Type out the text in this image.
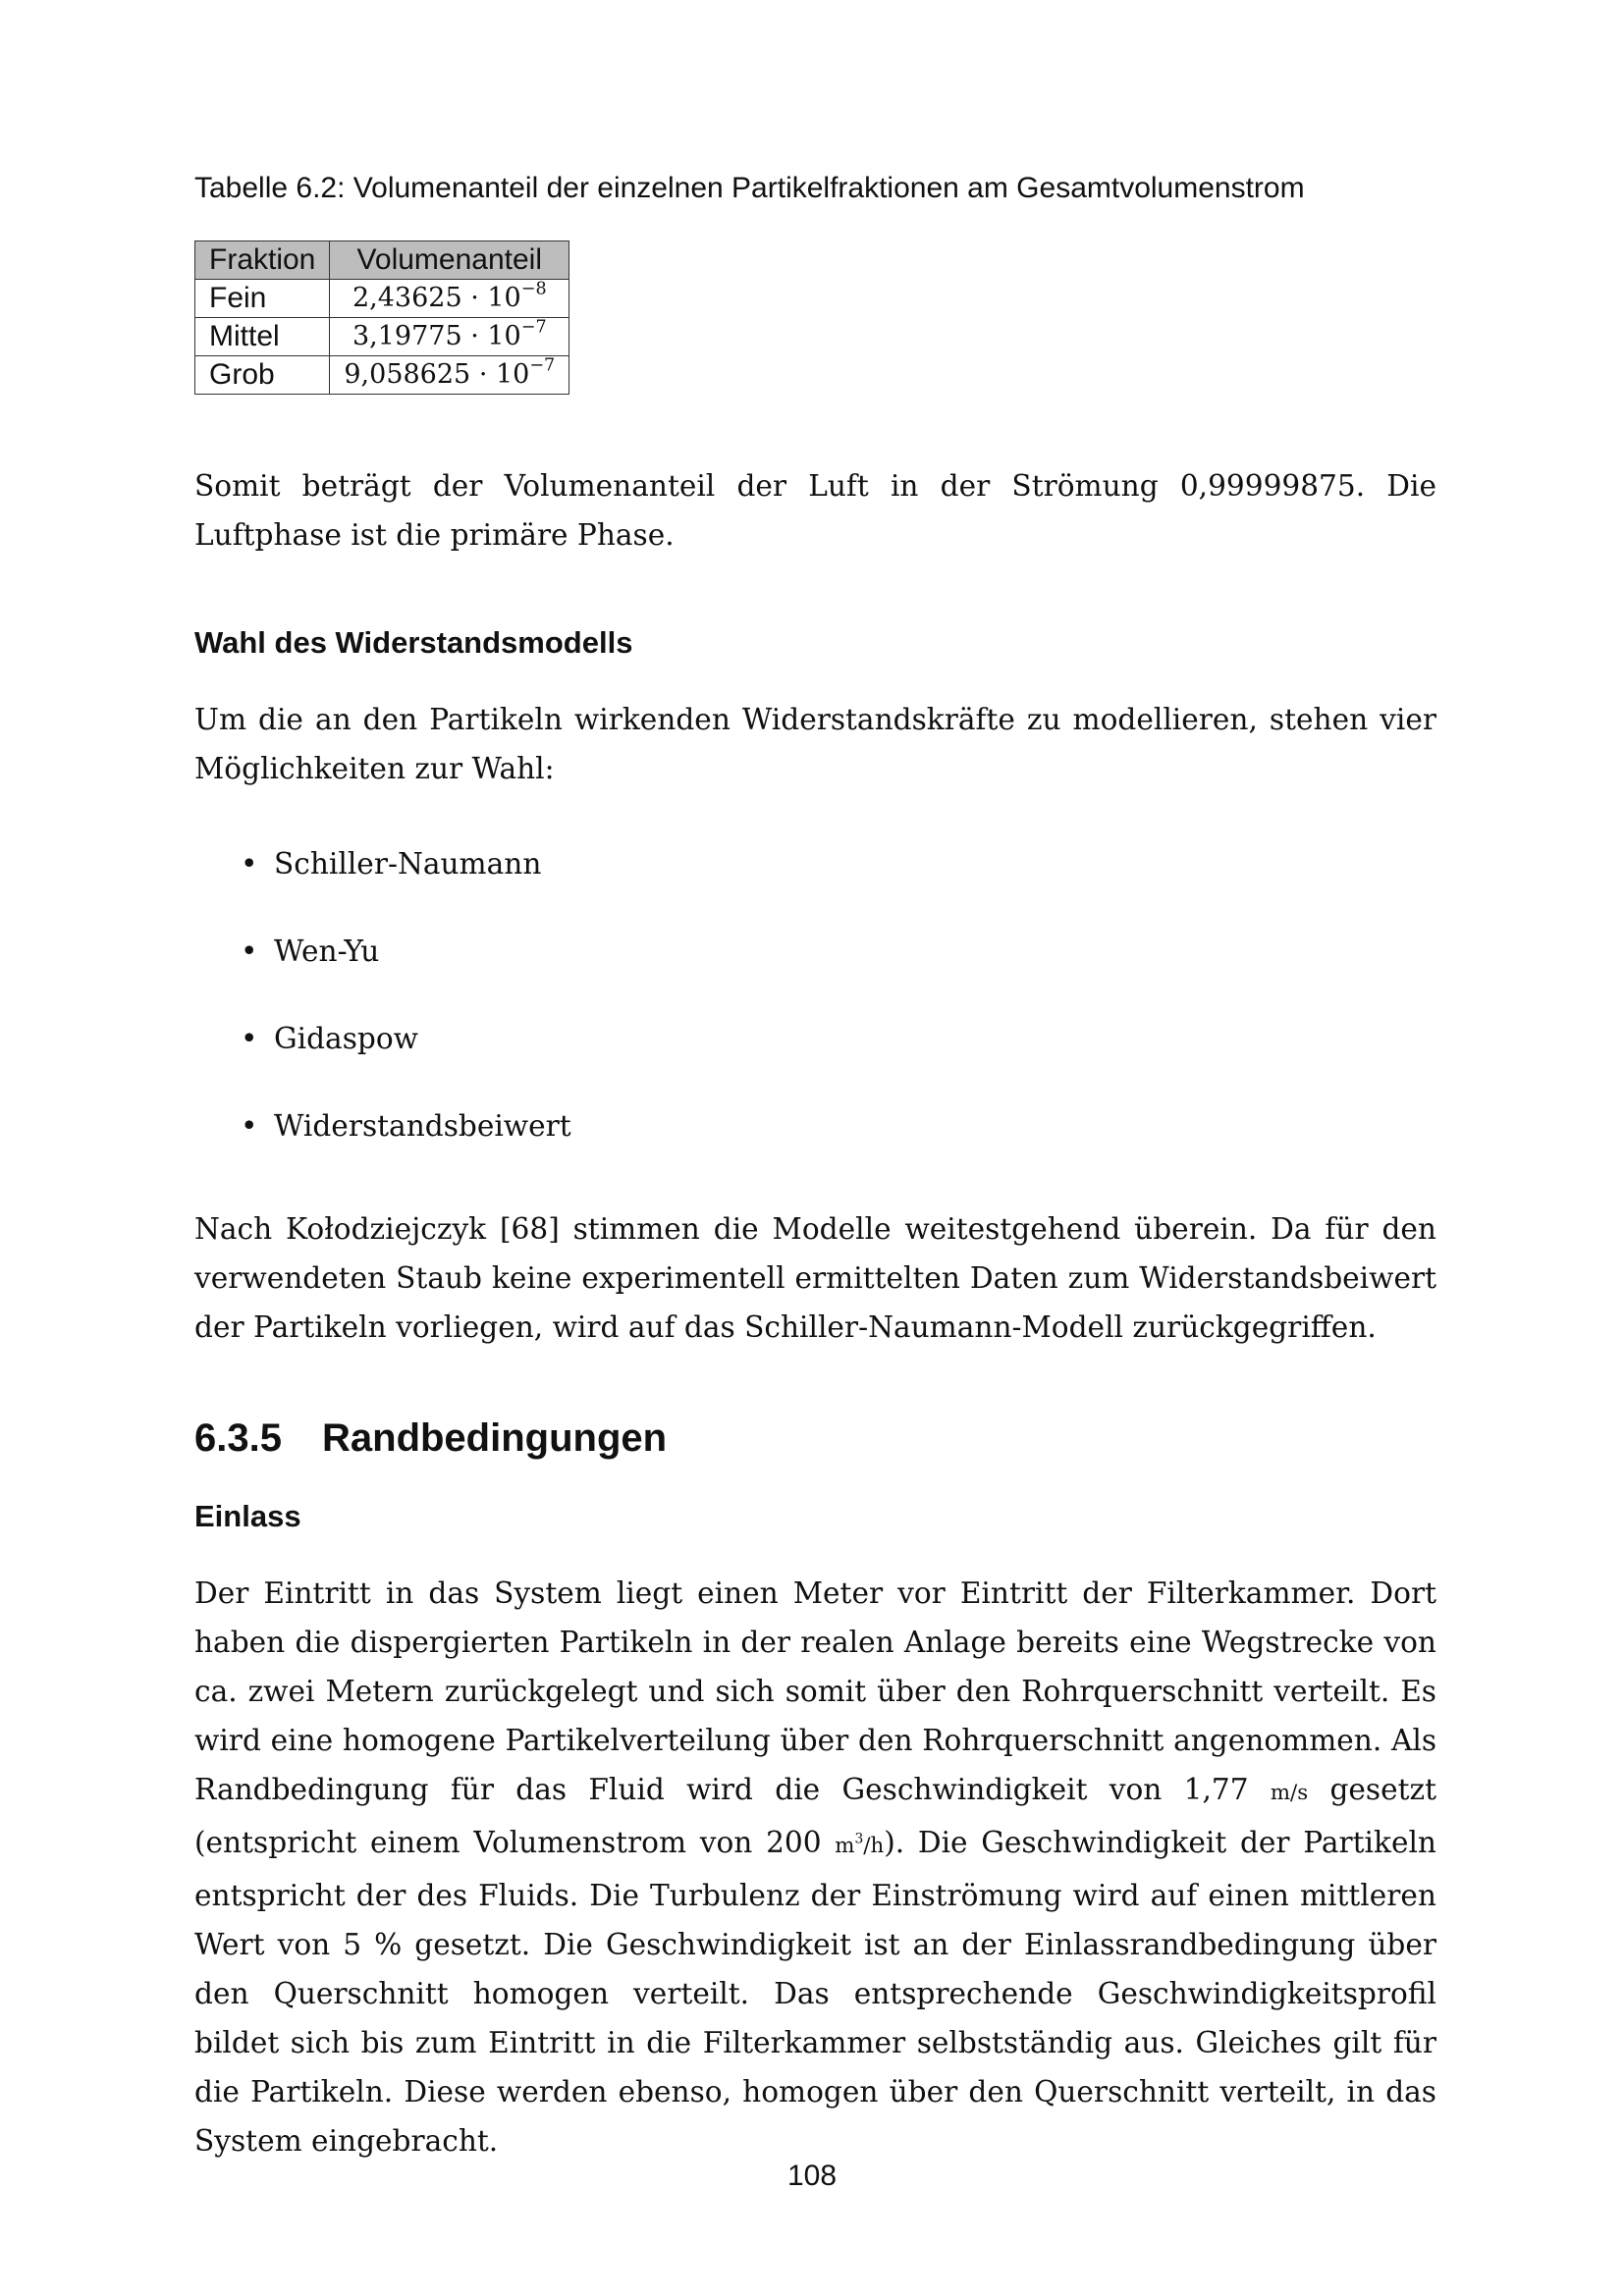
Tabelle 6.2: Volumenanteil der einzelnen Partikelfraktionen am Gesamtvolumenstrom
Fraktion	Volumenanteil
Fein	$2,43625 \cdot 10^{-8}$
Mittel	$3,19775 \cdot 10^{-7}$
Grob	$9,058625 \cdot 10^{-7}$
Somit beträgt der Volumenanteil der Luft in der Strömung 0,99999875. Die Luftphase ist die primäre Phase.
Wahl des Widerstandsmodells
Um die an den Partikeln wirkenden Widerstandskräfte zu modellieren, stehen vier Möglichkeiten zur Wahl:
• Schiller-Naumann
• Wen-Yu
• Gidaspow
• Widerstandsbeiwert
Nach Kołodziejczyk [68] stimmen die Modelle weitestgehend überein. Da für den verwendeten Staub keine experimentell ermittelten Daten zum Widerstandsbeiwert der Partikeln vorliegen, wird auf das Schiller-Naumann-Modell zurückgegriffen.
6.3.5 Randbedingungen
Einlass
Der Eintritt in das System liegt einen Meter vor Eintritt der Filterkammer. Dort haben die dispergierten Partikeln in der realen Anlage bereits eine Wegstrecke von ca. zwei Metern zurückgelegt und sich somit über den Rohrquerschnitt verteilt. Es wird eine homogene Partikelverteilung über den Rohrquerschnitt angenommen. Als Randbedingung für das Fluid wird die Geschwindigkeit von 1,77 m/s gesetzt (entspricht einem Volumenstrom von 200 $m^3/h$). Die Geschwindigkeit der Partikeln entspricht der des Fluids. Die Turbulenz der Einströmung wird auf einen mittleren Wert von 5 % gesetzt. Die Geschwindigkeit ist an der Einlassrandbedingung über den Querschnitt homogen verteilt. Das entsprechende Geschwindigkeitsprofil bildet sich bis zum Eintritt in die Filterkammer selbstständig aus. Gleiches gilt für die Partikeln. Diese werden ebenso, homogen über den Querschnitt verteilt, in das System eingebracht.
108
